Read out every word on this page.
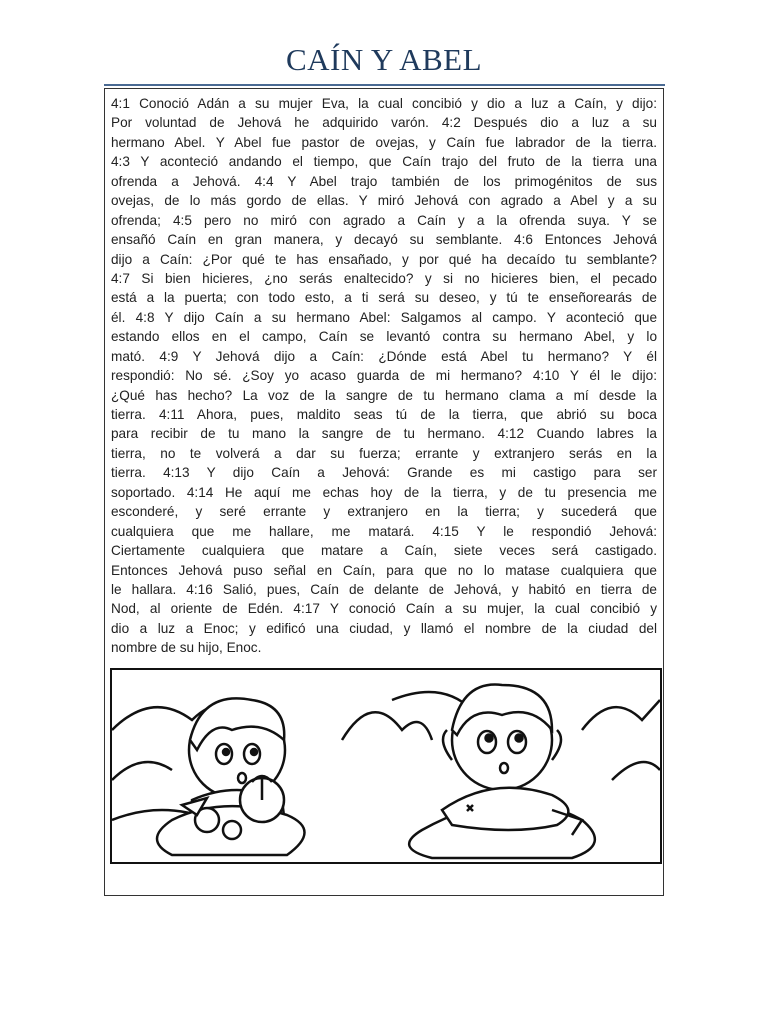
CAÍN Y ABEL
4:1 Conoció Adán a su mujer Eva, la cual concibió y dio a luz a Caín, y dijo:
Por voluntad de Jehová he adquirido varón. 4:2 Después dio a luz a su
hermano Abel. Y Abel fue pastor de ovejas, y Caín fue labrador de la tierra.
4:3 Y aconteció andando el tiempo, que Caín trajo del fruto de la tierra una
ofrenda a Jehová. 4:4 Y Abel trajo también de los primogénitos de sus
ovejas, de lo más gordo de ellas. Y miró Jehová con agrado a Abel y a su
ofrenda; 4:5 pero no miró con agrado a Caín y a la ofrenda suya. Y se
ensañó Caín en gran manera, y decayó su semblante. 4:6 Entonces Jehová
dijo a Caín: ¿Por qué te has ensañado, y por qué ha decaído tu semblante?
4:7 Si bien hicieres, ¿no serás enaltecido? y si no hicieres bien, el pecado
está a la puerta; con todo esto, a ti será su deseo, y tú te enseñorearás de
él. 4:8 Y dijo Caín a su hermano Abel: Salgamos al campo. Y aconteció que
estando ellos en el campo, Caín se levantó contra su hermano Abel, y lo
mató. 4:9 Y Jehová dijo a Caín: ¿Dónde está Abel tu hermano? Y él
respondió: No sé. ¿Soy yo acaso guarda de mi hermano? 4:10 Y él le dijo:
¿Qué has hecho? La voz de la sangre de tu hermano clama a mí desde la
tierra. 4:11 Ahora, pues, maldito seas tú de la tierra, que abrió su boca
para recibir de tu mano la sangre de tu hermano. 4:12 Cuando labres la
tierra, no te volverá a dar su fuerza; errante y extranjero serás en la
tierra. 4:13 Y dijo Caín a Jehová: Grande es mi castigo para ser
soportado. 4:14 He aquí me echas hoy de la tierra, y de tu presencia me
esconderé, y seré errante y extranjero en la tierra; y sucederá que
cualquiera que me hallare, me matará. 4:15 Y le respondió Jehová:
Ciertamente cualquiera que matare a Caín, siete veces será castigado.
Entonces Jehová puso señal en Caín, para que no lo matase cualquiera que
le hallara. 4:16 Salió, pues, Caín de delante de Jehová, y habitó en tierra de
Nod, al oriente de Edén. 4:17 Y conoció Caín a su mujer, la cual concibió y
dio a luz a Enoc; y edificó una ciudad, y llamó el nombre de la ciudad del
nombre de su hijo, Enoc.
